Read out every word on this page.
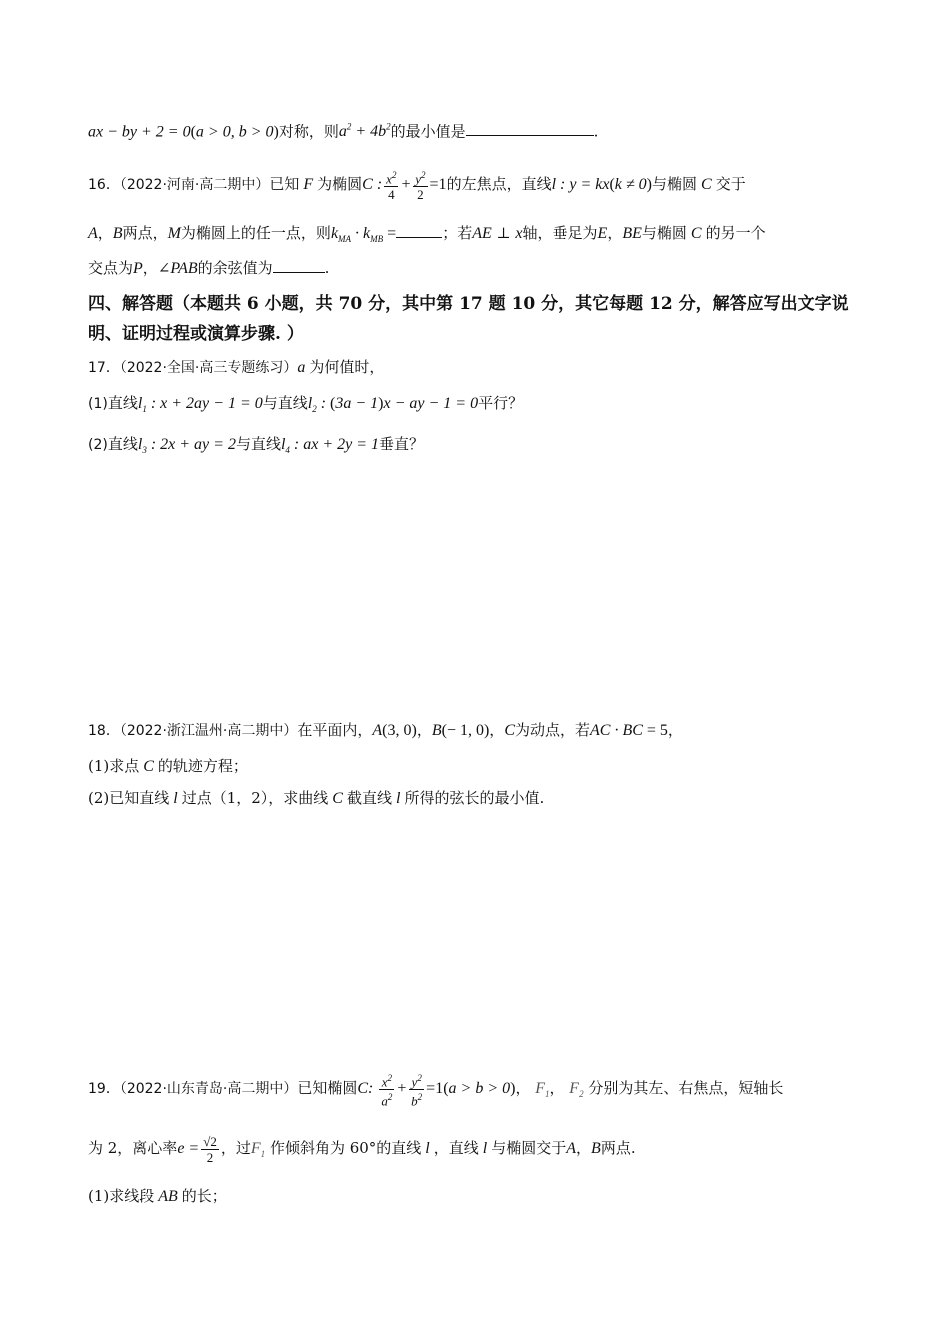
ax − by + 2 = 0(a > 0, b > 0)对称，则$a^2 + 4b^2$的最小值是	.
16．（2022·河南·高二期中）已知 F 为椭圆C : $\frac{x^2}{4} + \frac{y^2}{2} =1$的左焦点，直线l : y = kx(k ≠ 0)与椭圆 C 交于
A，B两点，M为椭圆上的任一点，则$k_{MA} \cdot k_{MB}$ =	；若AE ⊥ x轴，垂足为E，BE与椭圆 C 的另一个
交点为P，∠PAB的余弦值为	.
四、解答题（本题共 6 小题，共 70 分，其中第 17 题 10 分，其它每题 12 分，解答应写出文字说明、证明过程或演算步骤. ）
17．（2022·全国·高三专题练习）a 为何值时，
(1)直线$l_1$ : x + 2ay − 1 = 0与直线$l_2$ : (3a − 1)x − ay − 1 = 0平行？
(2)直线$l_3$ : 2x + ay = 2与直线$l_4$ : ax + 2y = 1垂直？
18．（2022·浙江温州·高二期中）在平面内，A(3, 0)，B(− 1, 0)，C为动点，若AC · BC = 5，
(1)求点 C 的轨迹方程；
(2)已知直线 l 过点（1，2），求曲线 C 截直线 l 所得的弦长的最小值.
19．（2022·山东青岛·高二期中）已知椭圆C: $\frac{x^2}{a^2} + \frac{y^2}{b^2} =1(a > b > 0)$， $F_1$， $F_2$ 分别为其左、右焦点，短轴长
为 2，离心率$e = \frac{√2}{2}$ ，过$F_1$ 作倾斜角为 60°的直线 l ，直线 l 与椭圆交于A，B两点.
(1)求线段 AB 的长；
